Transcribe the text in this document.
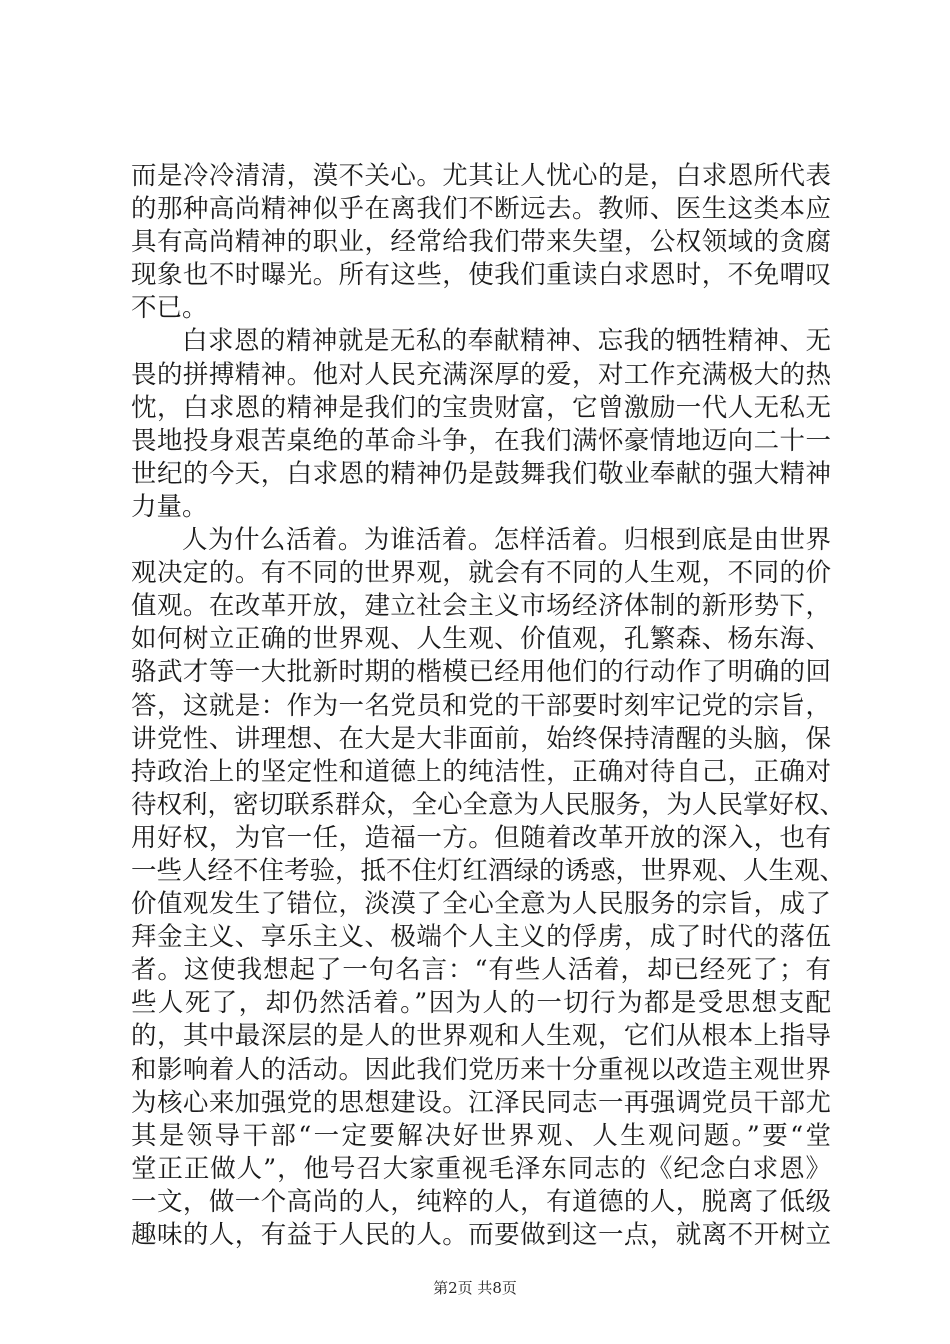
而是冷冷清清，漠不关心。尤其让人忧心的是，白求恩所代表
的那种高尚精神似乎在离我们不断远去。教师、医生这类本应
具有高尚精神的职业，经常给我们带来失望，公权领域的贪腐
现象也不时曝光。所有这些，使我们重读白求恩时，不免喟叹
不已。
白求恩的精神就是无私的奉献精神、忘我的牺牲精神、无
畏的拼搏精神。他对人民充满深厚的爱，对工作充满极大的热
忱，白求恩的精神是我们的宝贵财富，它曾激励一代人无私无
畏地投身艰苦桌绝的革命斗争，在我们满怀豪情地迈向二十一
世纪的今天，白求恩的精神仍是鼓舞我们敬业奉献的强大精神
力量。
人为什么活着。为谁活着。怎样活着。归根到底是由世界
观决定的。有不同的世界观，就会有不同的人生观，不同的价
值观。在改革开放，建立社会主义市场经济体制的新形势下，
如何树立正确的世界观、人生观、价值观，孔繁森、杨东海、
骆武才等一大批新时期的楷模已经用他们的行动作了明确的回
答，这就是：作为一名党员和党的干部要时刻牢记党的宗旨，
讲党性、讲理想、在大是大非面前，始终保持清醒的头脑，保
持政治上的坚定性和道德上的纯洁性，正确对待自己，正确对
待权利，密切联系群众，全心全意为人民服务，为人民掌好权、
用好权，为官一任，造福一方。但随着改革开放的深入，也有
一些人经不住考验，抵不住灯红酒绿的诱惑，世界观、人生观、
价值观发生了错位，淡漠了全心全意为人民服务的宗旨，成了
拜金主义、享乐主义、极端个人主义的俘虏，成了时代的落伍
者。这使我想起了一句名言：“有些人活着，却已经死了；有
些人死了，却仍然活着。”因为人的一切行为都是受思想支配
的，其中最深层的是人的世界观和人生观，它们从根本上指导
和影响着人的活动。因此我们党历来十分重视以改造主观世界
为核心来加强党的思想建设。江泽民同志一再强调党员干部尤
其是领导干部“一定要解决好世界观、人生观问题。”要“堂
堂正正做人”，他号召大家重视毛泽东同志的《纪念白求恩》
一文，做一个高尚的人，纯粹的人，有道德的人，脱离了低级
趣味的人，有益于人民的人。而要做到这一点，就离不开树立
第2页 共8页
